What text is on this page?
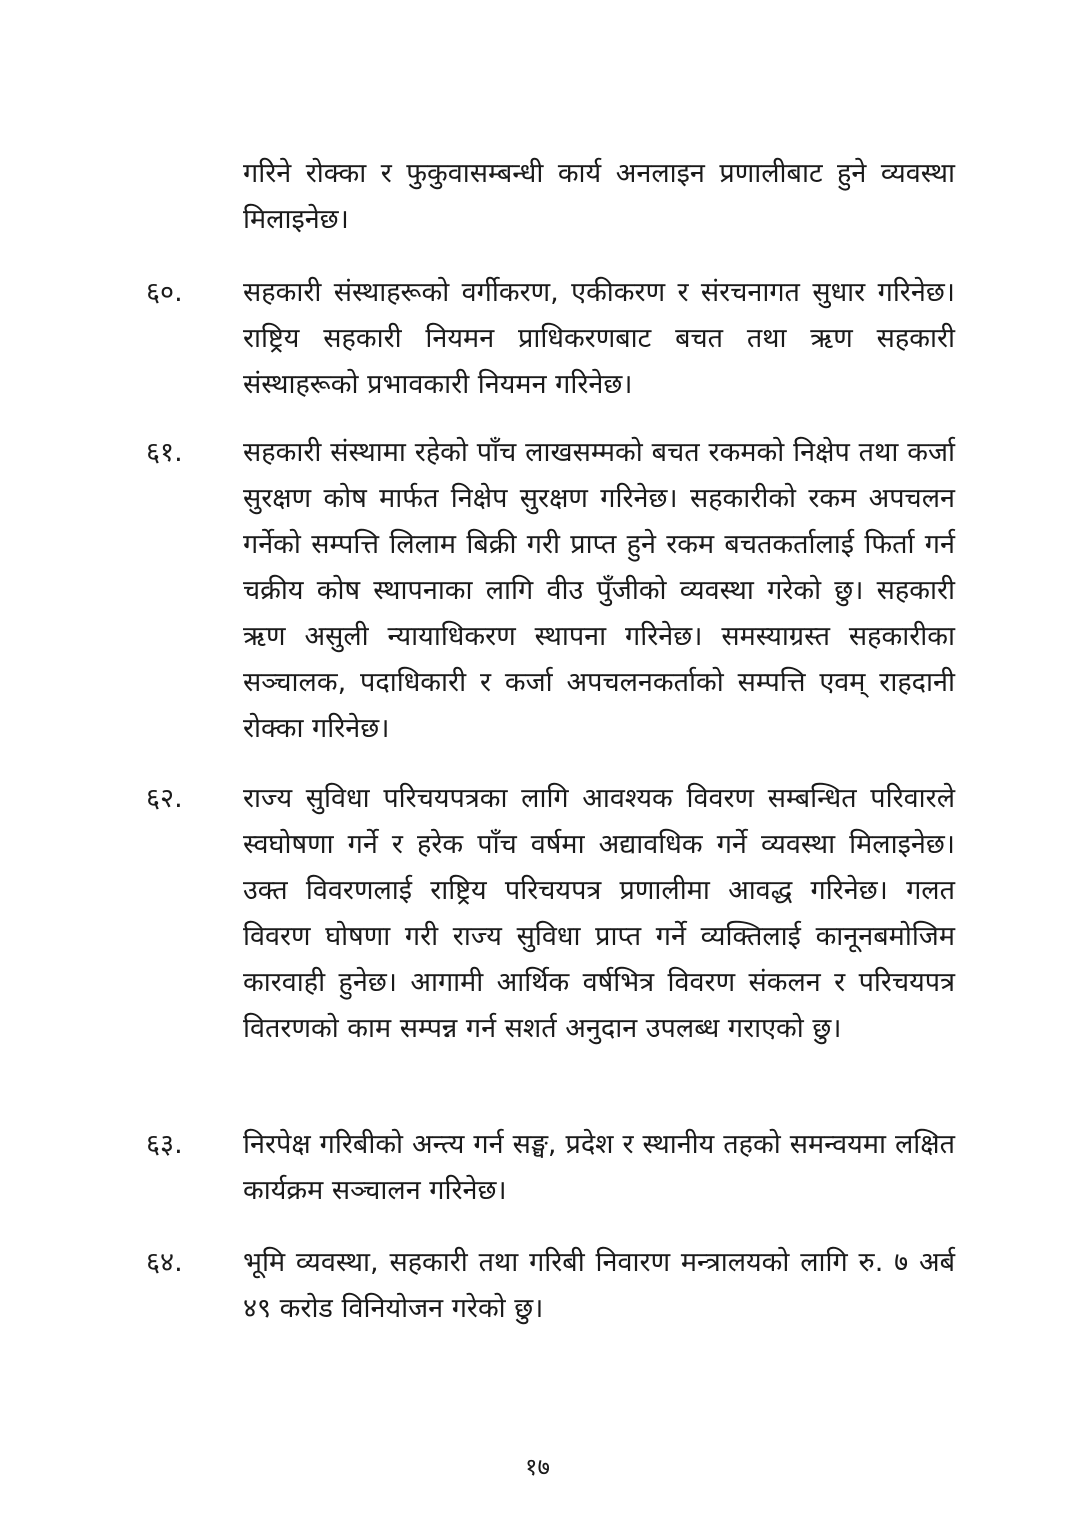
गरिने रोक्का र फुकुवासम्बन्धी कार्य अनलाइन प्रणालीबाट हुने व्यवस्था मिलाइनेछ।

६०. सहकारी संस्थाहरूको वर्गीकरण, एकीकरण र संरचनागत सुधार गरिनेछ। राष्ट्रिय सहकारी नियमन प्राधिकरणबाट बचत तथा ऋण सहकारी संस्थाहरूको प्रभावकारी नियमन गरिनेछ।

६१. सहकारी संस्थामा रहेको पाँच लाखसम्मको बचत रकमको निक्षेप तथा कर्जा सुरक्षण कोष मार्फत निक्षेप सुरक्षण गरिनेछ। सहकारीको रकम अपचलन गर्नेको सम्पत्ति लिलाम बिक्री गरी प्राप्त हुने रकम बचतकर्तालाई फिर्ता गर्न चक्रीय कोष स्थापनाका लागि वीउ पुँजीको व्यवस्था गरेको छु। सहकारी ऋण असुली न्यायाधिकरण स्थापना गरिनेछ। समस्याग्रस्त सहकारीका सञ्चालक, पदाधिकारी र कर्जा अपचलनकर्ताको सम्पत्ति एवम् राहदानी रोक्का गरिनेछ।

६२. राज्य सुविधा परिचयपत्रका लागि आवश्यक विवरण सम्बन्धित परिवारले स्वघोषणा गर्ने र हरेक पाँच वर्षमा अद्यावधिक गर्ने व्यवस्था मिलाइनेछ। उक्त विवरणलाई राष्ट्रिय परिचयपत्र प्रणालीमा आवद्ध गरिनेछ। गलत विवरण घोषणा गरी राज्य सुविधा प्राप्त गर्ने व्यक्तिलाई कानूनबमोजिम कारवाही हुनेछ। आगामी आर्थिक वर्षभित्र विवरण संकलन र परिचयपत्र वितरणको काम सम्पन्न गर्न सशर्त अनुदान उपलब्ध गराएको छु।

६३. निरपेक्ष गरिबीको अन्त्य गर्न सङ्घ, प्रदेश र स्थानीय तहको समन्वयमा लक्षित कार्यक्रम सञ्चालन गरिनेछ।

६४. भूमि व्यवस्था, सहकारी तथा गरिबी निवारण मन्त्रालयको लागि रु. ७ अर्ब ४९ करोड विनियोजन गरेको छु।

१७
